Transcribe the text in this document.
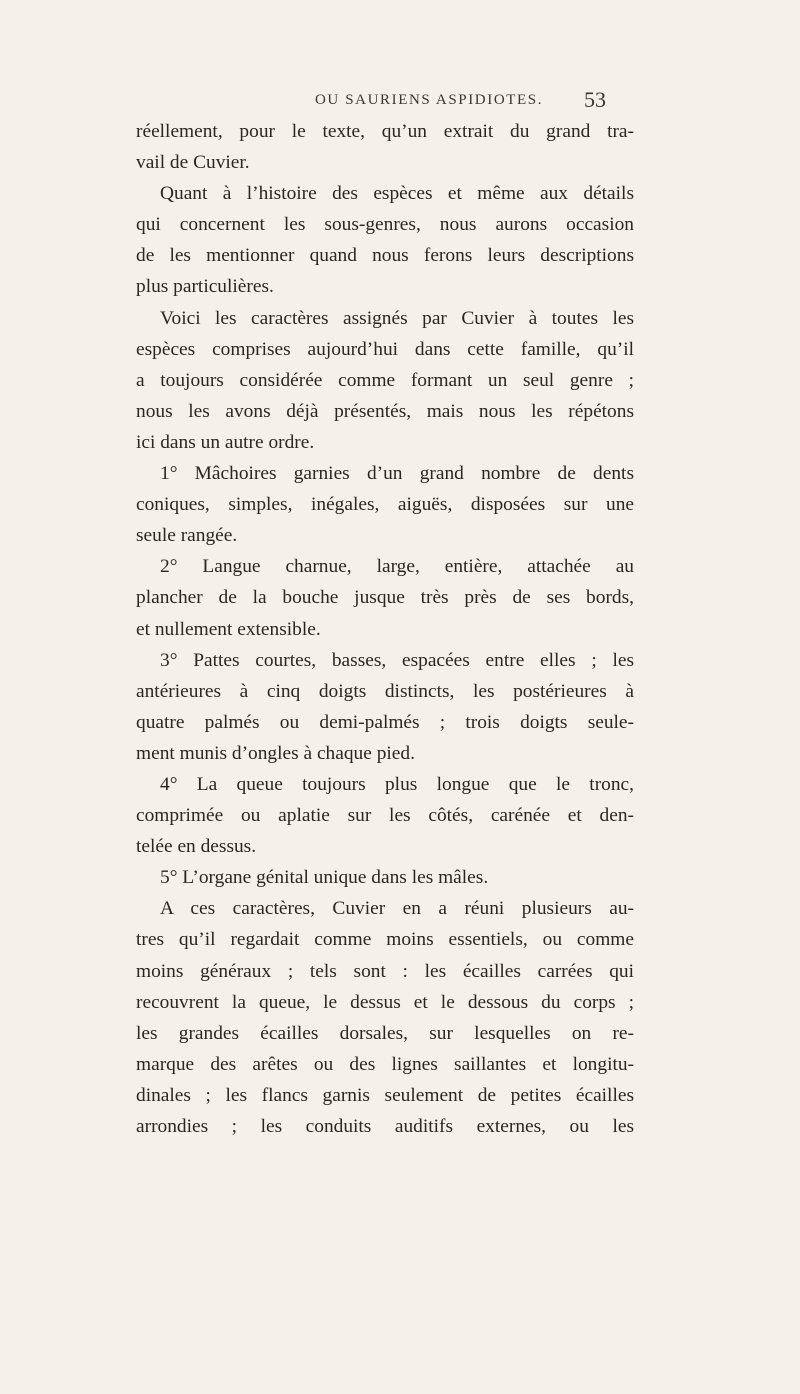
OU SAURIENS ASPIDIOTES. 53
réellement, pour le texte, qu’un extrait du grand tra-
vail de Cuvier.
Quant à l’histoire des espèces et même aux détails
qui concernent les sous-genres, nous aurons occasion
de les mentionner quand nous ferons leurs descriptions
plus particulières.
Voici les caractères assignés par Cuvier à toutes les
espèces comprises aujourd’hui dans cette famille, qu’il
a toujours considérée comme formant un seul genre ;
nous les avons déjà présentés, mais nous les répétons
ici dans un autre ordre.
1° Mâchoires garnies d’un grand nombre de dents
coniques, simples, inégales, aiguës, disposées sur une
seule rangée.
2° Langue charnue, large, entière, attachée au
plancher de la bouche jusque très près de ses bords,
et nullement extensible.
3° Pattes courtes, basses, espacées entre elles ; les
antérieures à cinq doigts distincts, les postérieures à
quatre palmés ou demi-palmés ; trois doigts seule-
ment munis d’ongles à chaque pied.
4° La queue toujours plus longue que le tronc,
comprimée ou aplatie sur les côtés, carénée et den-
telée en dessus.
5° L’organe génital unique dans les mâles.
A ces caractères, Cuvier en a réuni plusieurs au-
tres qu’il regardait comme moins essentiels, ou comme
moins généraux ; tels sont : les écailles carrées qui
recouvrent la queue, le dessus et le dessous du corps ;
les grandes écailles dorsales, sur lesquelles on re-
marque des arêtes ou des lignes saillantes et longitu-
dinales ; les flancs garnis seulement de petites écailles
arrondies ; les conduits auditifs externes, ou les
